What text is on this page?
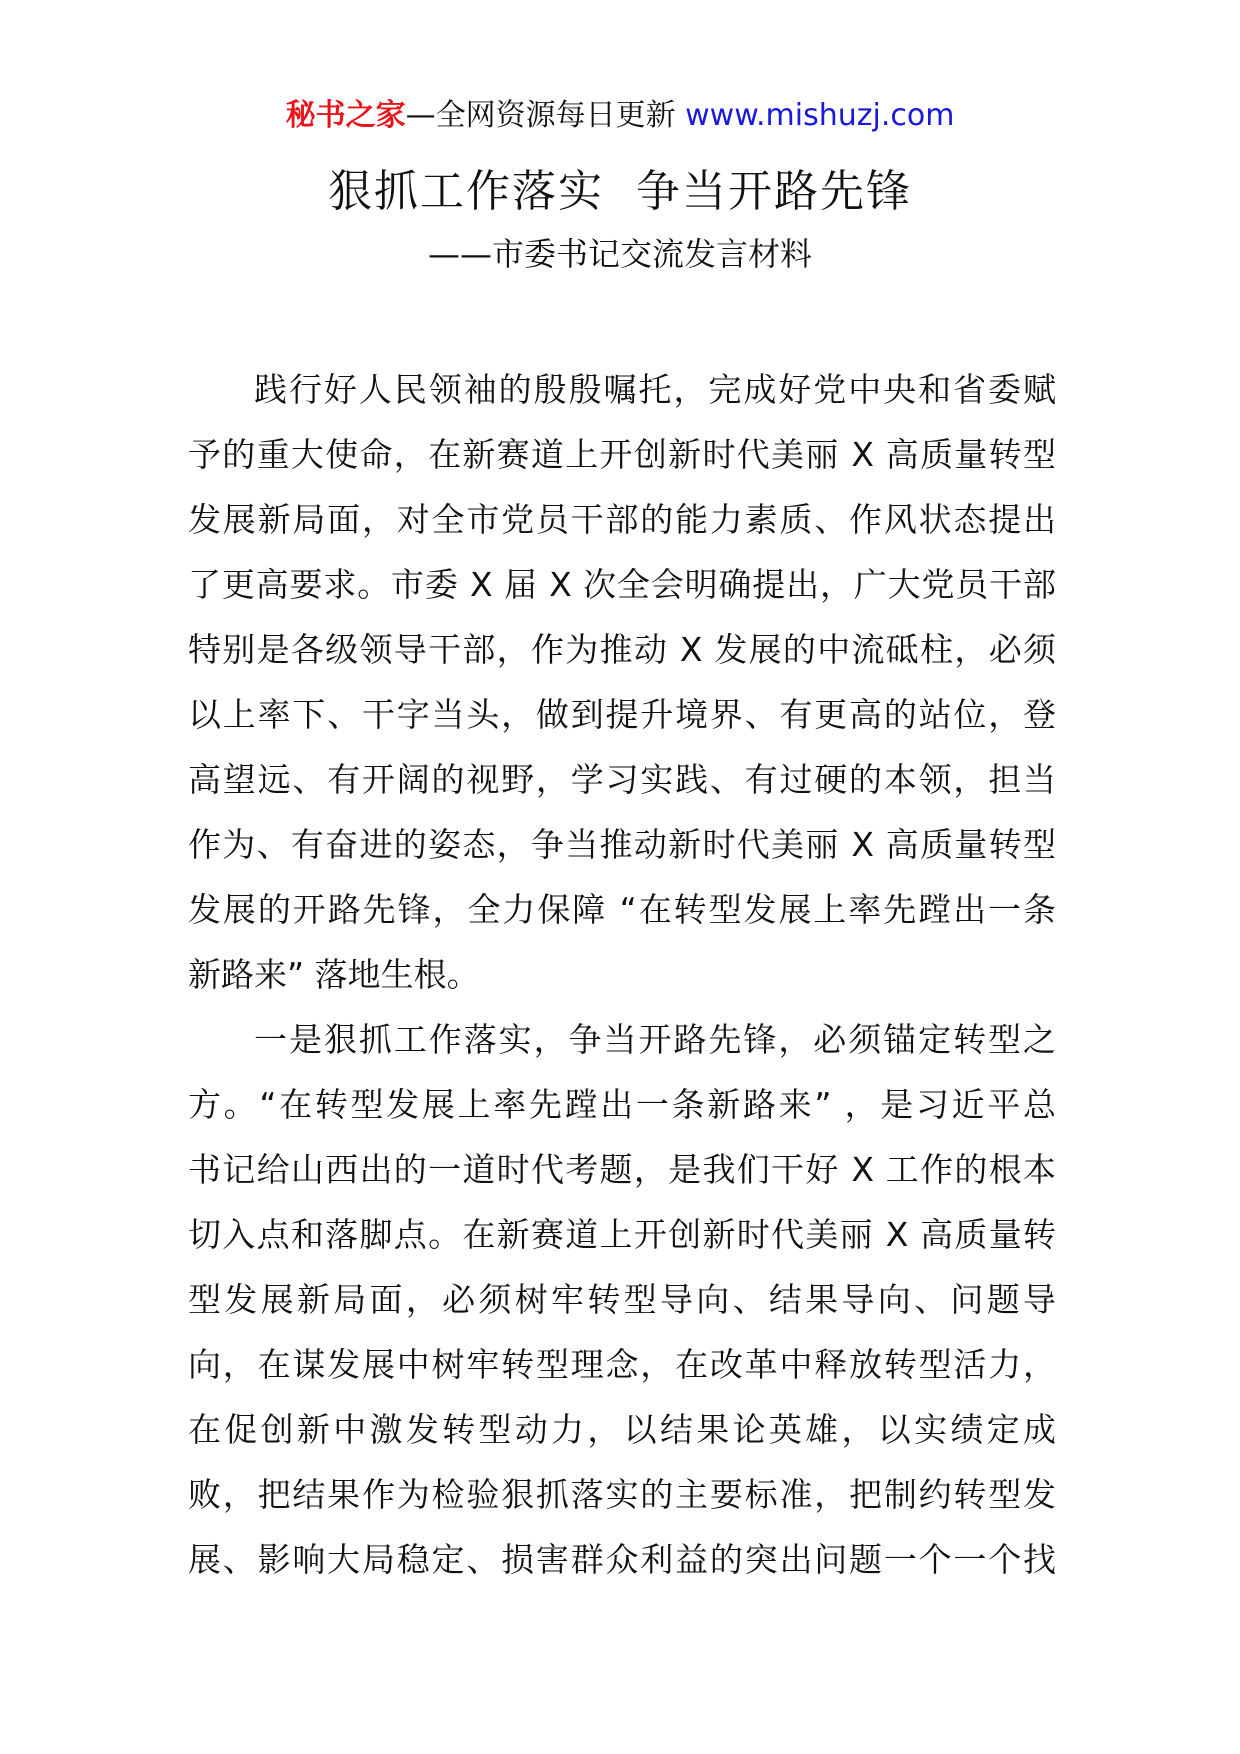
秘书之家—全网资源每日更新 www.mishuzj.com
狠抓工作落实  争当开路先锋
——市委书记交流发言材料
践行好人民领袖的殷殷嘱托，完成好党中央和省委赋
予的重大使命，在新赛道上开创新时代美丽 X 高质量转型
发展新局面，对全市党员干部的能力素质、作风状态提出
了更高要求。市委 X 届 X 次全会明确提出，广大党员干部
特别是各级领导干部，作为推动 X 发展的中流砥柱，必须
以上率下、干字当头，做到提升境界、有更高的站位，登
高望远、有开阔的视野，学习实践、有过硬的本领，担当
作为、有奋进的姿态，争当推动新时代美丽 X 高质量转型
发展的开路先锋，全力保障 “在转型发展上率先蹚出一条
新路来” 落地生根。
一是狠抓工作落实，争当开路先锋，必须锚定转型之
方。“在转型发展上率先蹚出一条新路来” ，是习近平总
书记给山西出的一道时代考题，是我们干好 X 工作的根本
切入点和落脚点。在新赛道上开创新时代美丽 X 高质量转
型发展新局面，必须树牢转型导向、结果导向、问题导
向，在谋发展中树牢转型理念，在改革中释放转型活力，
在促创新中激发转型动力，以结果论英雄，以实绩定成
败，把结果作为检验狠抓落实的主要标准，把制约转型发
展、影响大局稳定、损害群众利益的突出问题一个一个找
